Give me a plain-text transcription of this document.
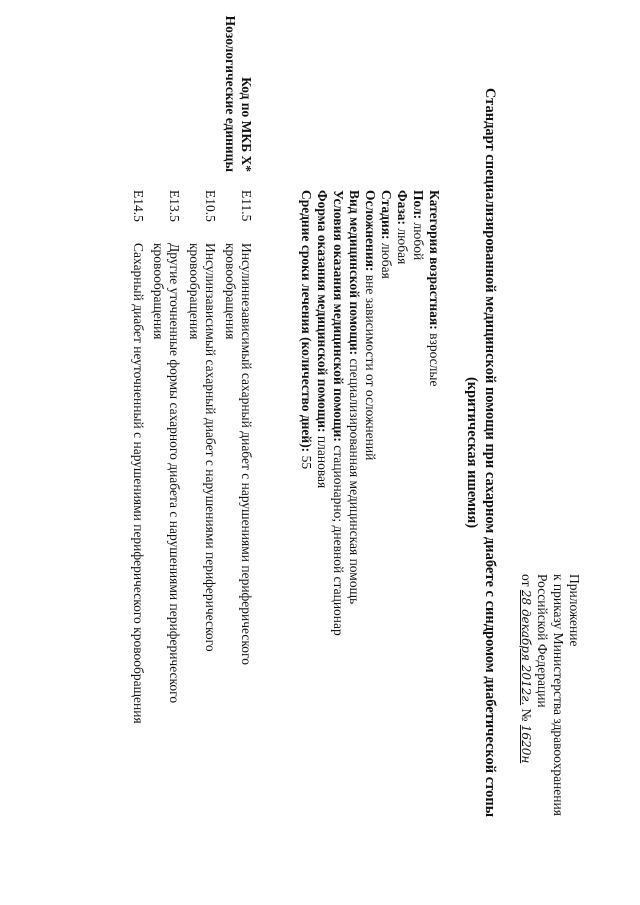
Приложение
к приказу Министерства здравоохранения
Российской Федерации
от 28 декабря 2012г. № 1620н
Стандарт специализированной медицинской помощи при сахарном диабете с синдромом диабетической стопы
(критическая ишемия)
Категория возрастная: взрослые
Пол: любой
Фаза: любая
Стадия: любая
Осложнения: вне зависимости от осложнений
Вид медицинской помощи: специализированная медицинская помощь
Условия оказания медицинской помощи: стационарно; дневной стационар
Форма оказания медицинской помощи: плановая
Средние сроки лечения (количество дней): 55
Код по МКБ X*
Нозологические единицы
E11.5
Инсулиннезависимый сахарный диабет с нарушениями периферического
кровообращения
E10.5
Инсулинзависимый сахарный диабет с нарушениями периферического
кровообращения
E13.5
Другие уточненные формы сахарного диабета с нарушениями периферического
кровообращения
E14.5
Сахарный диабет неуточненный с нарушениями периферического кровообращения
